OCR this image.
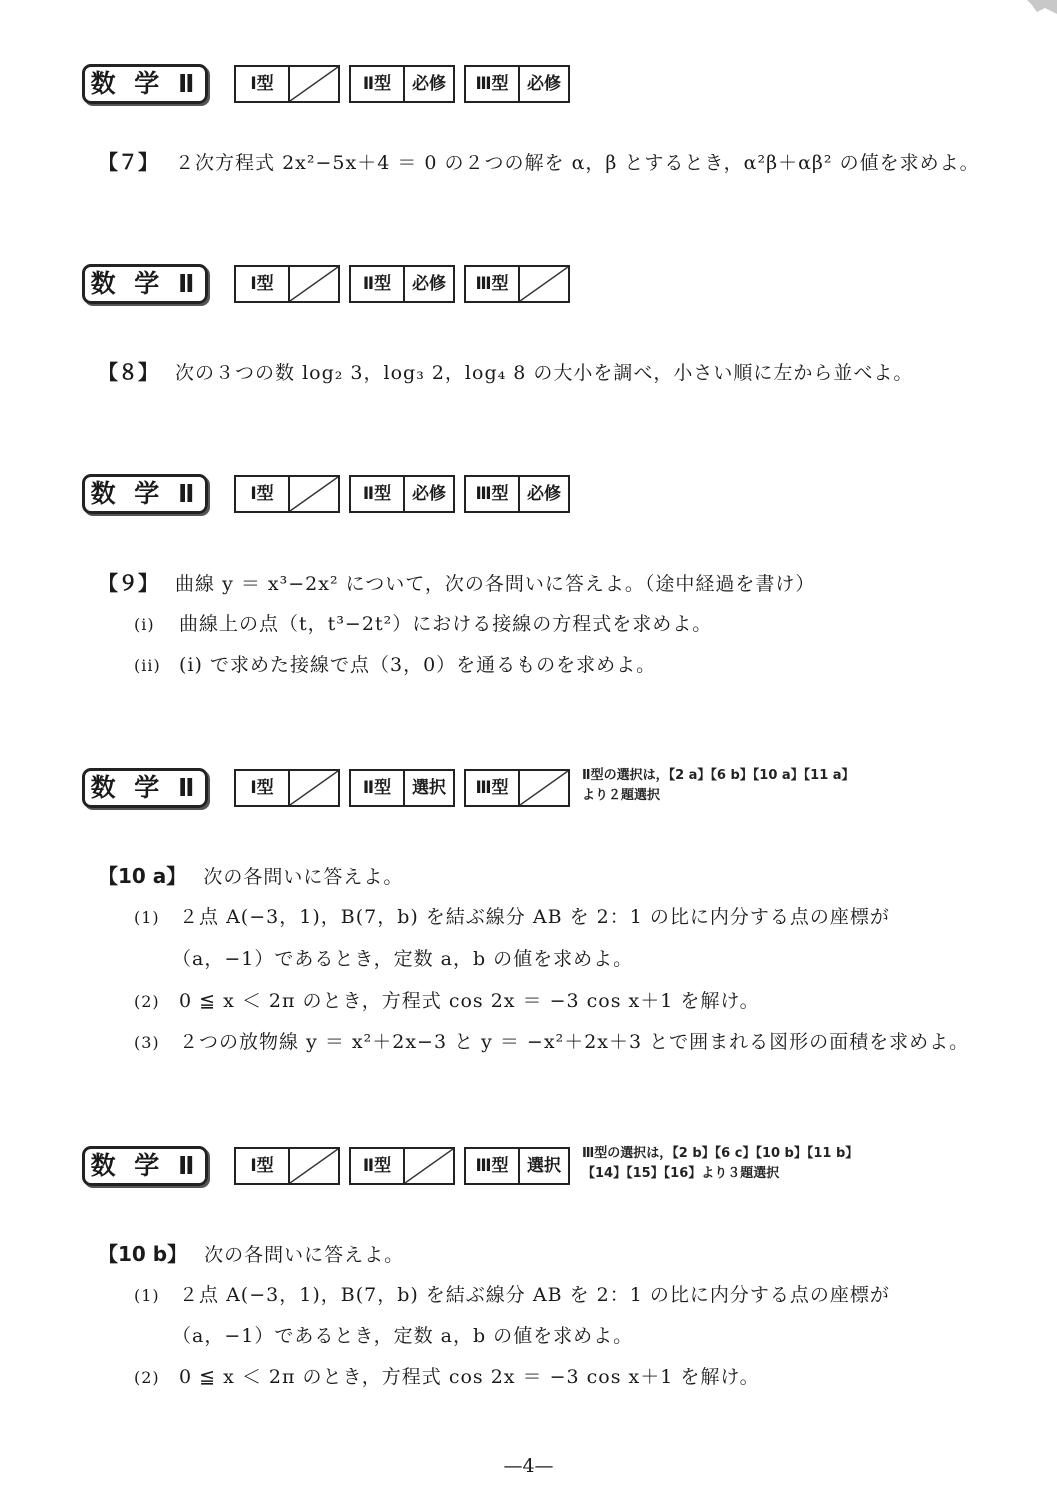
数 学 Ⅱ	Ⅰ型	Ⅱ型	必修	Ⅲ型	必修
【７】 ２次方程式 2x²−5x＋4 ＝ 0 の２つの解を α，β とするとき，α²β＋αβ² の値を求めよ。
数 学 Ⅱ	Ⅰ型	Ⅱ型	必修	Ⅲ型
【８】 次の３つの数 log₂ 3，log₃ 2，log₄ 8 の大小を調べ，小さい順に左から並べよ。
数 学 Ⅱ	Ⅰ型	Ⅱ型	必修	Ⅲ型	必修
【９】 曲線 y ＝ x³−2x² について，次の各問いに答えよ。（途中経過を書け）
(i) 曲線上の点（t，t³−2t²）における接線の方程式を求めよ。
(ii) (i) で求めた接線で点（3，0）を通るものを求めよ。
数 学 Ⅱ	Ⅰ型	Ⅱ型	選択	Ⅲ型
Ⅱ型の選択は，【2 a】【6 b】【10 a】【11 a】
より２題選択
【10 a】 次の各問いに答えよ。
(1) ２点 A(−3，1)，B(7，b) を結ぶ線分 AB を 2：1 の比に内分する点の座標が
（a，−1）であるとき，定数 a，b の値を求めよ。
(2) 0 ≦ x ＜ 2π のとき，方程式 cos 2x ＝ −3 cos x＋1 を解け。
(3) ２つの放物線 y ＝ x²＋2x−3 と y ＝ −x²＋2x＋3 とで囲まれる図形の面積を求めよ。
数 学 Ⅱ	Ⅰ型	Ⅱ型	Ⅲ型	選択
Ⅲ型の選択は，【2 b】【6 c】【10 b】【11 b】
【14】【15】【16】より３題選択
【10 b】 次の各問いに答えよ。
(1) ２点 A(−3，1)，B(7，b) を結ぶ線分 AB を 2：1 の比に内分する点の座標が
（a，−1）であるとき，定数 a，b の値を求めよ。
(2) 0 ≦ x ＜ 2π のとき，方程式 cos 2x ＝ −3 cos x＋1 を解け。
—4—
